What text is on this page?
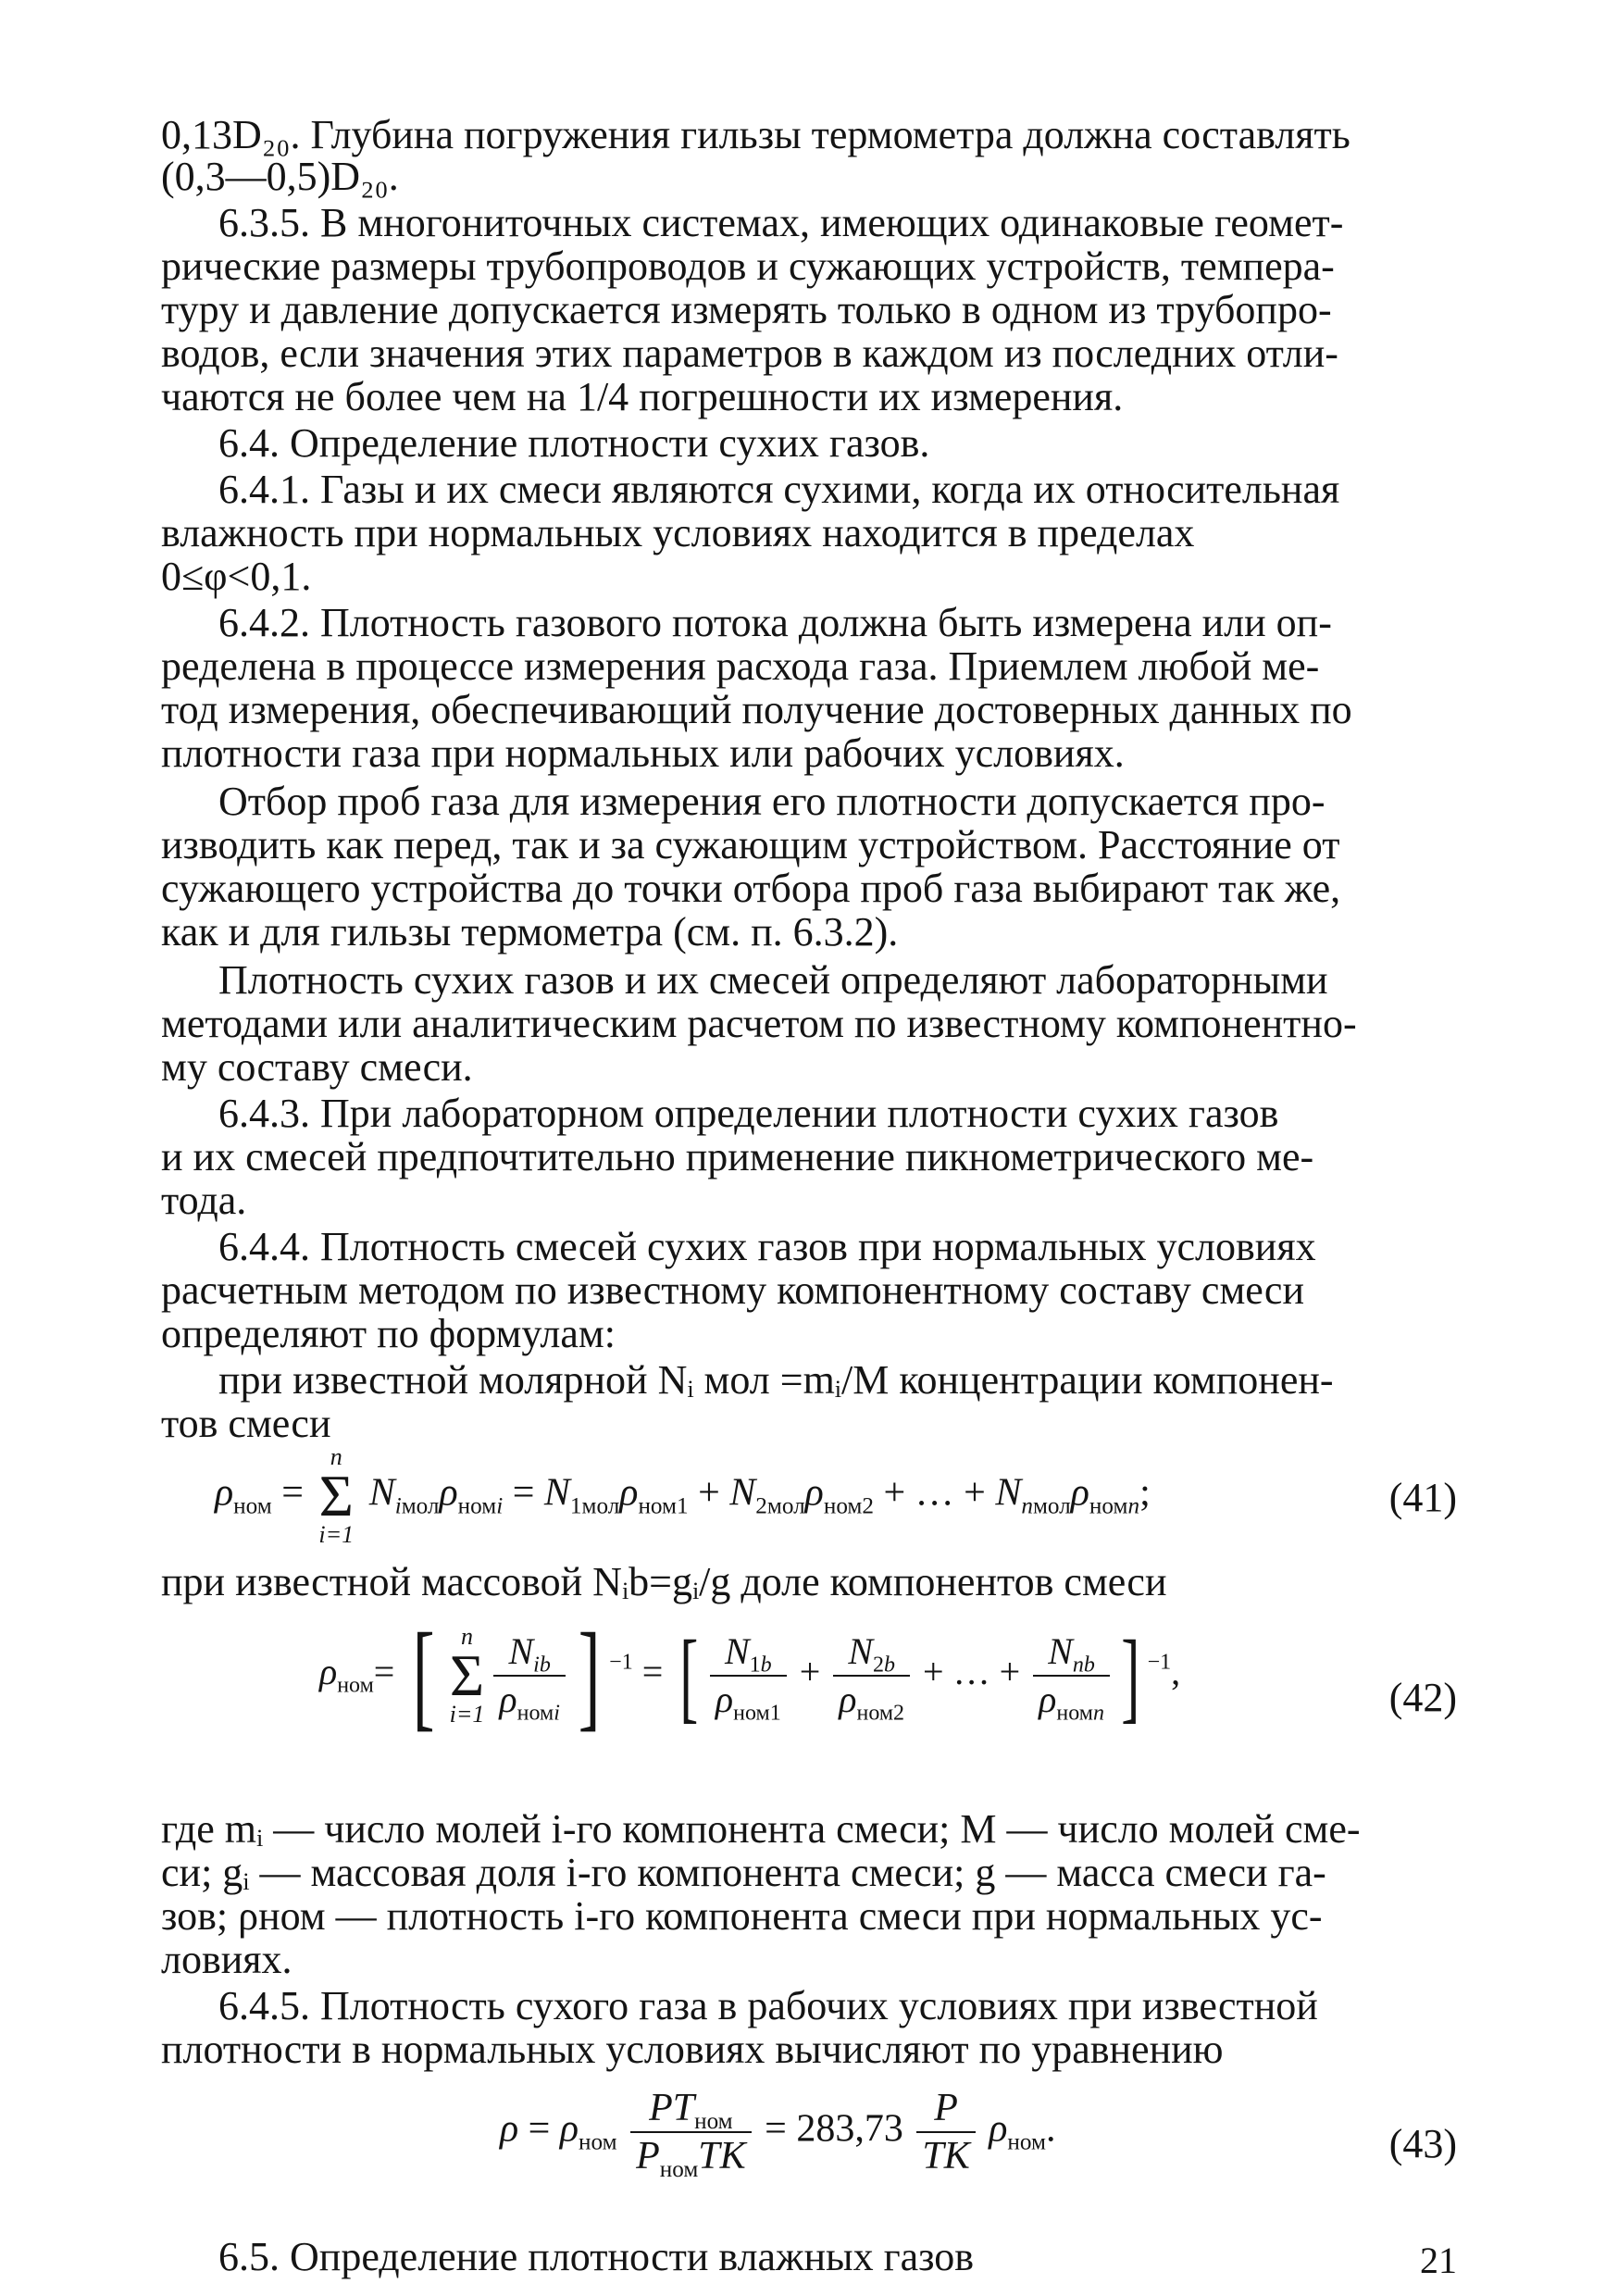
0,13D₂₀. Глубина погружения гильзы термометра должна составлять
(0,3—0,5)D₂₀.
6.3.5. В многониточных системах, имеющих одинаковые геомет-
рические размеры трубопроводов и сужающих устройств, темпера-
туру и давление допускается измерять только в одном из трубопро-
водов, если значения этих параметров в каждом из последних отли-
чаются не более чем на 1/4 погрешности их измерения.
6.4. Определение плотности сухих газов.
6.4.1. Газы и их смеси являются сухими, когда их относительная
влажность при нормальных условиях находится в пределах
0≤φ<0,1.
6.4.2. Плотность газового потока должна быть измерена или оп-
ределена в процессе измерения расхода газа. Приемлем любой ме-
тод измерения, обеспечивающий получение достоверных данных по
плотности газа при нормальных или рабочих условиях.
Отбор проб газа для измерения его плотности допускается про-
изводить как перед, так и за сужающим устройством. Расстояние от
сужающего устройства до точки отбора проб газа выбирают так же,
как и для гильзы термометра (см. п. 6.3.2).
Плотность сухих газов и их смесей определяют лабораторными
методами или аналитическим расчетом по известному компонентно-
му составу смеси.
6.4.3. При лабораторном определении плотности сухих газов
и их смесей предпочтительно применение пикнометрического ме-
тода.
6.4.4. Плотность смесей сухих газов при нормальных условиях
расчетным методом по известному компонентному составу смеси
определяют по формулам:
при известной молярной Nᵢ мол =mᵢ/M концентрации компонен-
тов смеси
при известной массовой Nᵢb=gᵢ/g доле компонентов смеси
где mᵢ — число молей i-го компонента смеси; M — число молей сме-
си; gᵢ — массовая доля i-го компонента смеси; g — масса смеси га-
зов; ρном — плотность i-го компонента смеси при нормальных ус-
ловиях.
6.4.5. Плотность сухого газа в рабочих условиях при известной
плотности в нормальных условиях вычисляют по уравнению
6.5. Определение плотности влажных газов
$\rho_{ном}$ =
n
Σ
i=1
$N_{iмол}\rho_{номi} = N_{1мол}\rho_{ном1} + N_{2мол}\rho_{ном2}$ + … + $N_{nмол}\rho_{номn}$;	(41)
$\rho_{ном}=$ [	n
Σ
$i=1 \frac{N_{ib}}{\rho_{номi}}$ ] $^{-1}$ = [ $\frac{N_{1b}}{\rho_{ном1}} + \frac{N_{2b}}{\rho_{ном2}}$ + … + $\frac{N_{nb}}{\rho_{номn}}$ ] $^{-1}$,
(42)
$\rho = \rho_{ном} \frac{PT_{ном}}{P_{ном}TK} = 283,73 \frac{P}{TK} \rho_{ном}$.	(43)
21
